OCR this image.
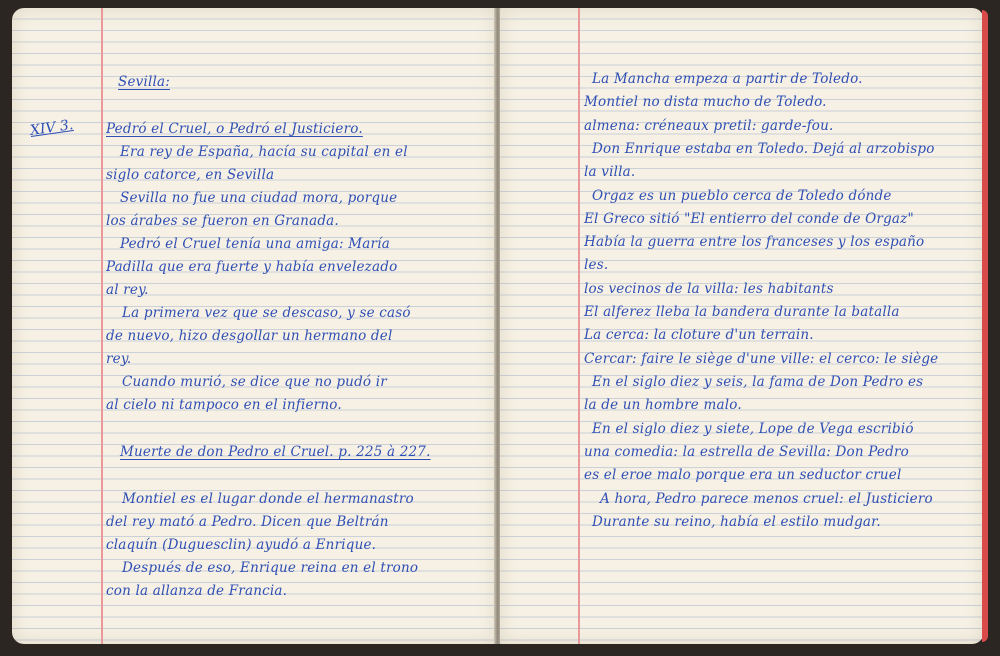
XIV 3.
Sevilla:
Pedró el Cruel, o Pedró el Justiciero.
Era rey de España, hacía su capital en el
siglo catorce, en Sevilla
Sevilla no fue una ciudad mora, porque
los árabes se fueron en Granada.
Pedró el Cruel tenía una amiga: María
Padilla que era fuerte y había envelezado
al rey.
La primera vez que se descaso, y se casó
de nuevo, hizo desgollar un hermano del
rey.
Cuando murió, se dice que no pudó ir
al cielo ni tampoco en el infierno.
Muerte de don Pedro el Cruel. p. 225 à 227.
Montiel es el lugar donde el hermanastro
del rey mató a Pedro. Dicen que Beltrán
claquín (Duguesclin) ayudó a Enrique.
Después de eso, Enrique reina en el trono
con la allanza de Francia.
La Mancha empeza a partir de Toledo.
Montiel no dista mucho de Toledo.
almena: créneaux pretil: garde-fou.
Don Enrique estaba en Toledo. Dejá al arzobispo
la villa.
Orgaz es un pueblo cerca de Toledo dónde
El Greco sitió "El entierro del conde de Orgaz"
Había la guerra entre los franceses y los españo
les.
los vecinos de la villa: les habitants
El alferez lleba la bandera durante la batalla
La cerca: la cloture d'un terrain.
Cercar: faire le siège d'une ville: el cerco: le siège
En el siglo diez y seis, la fama de Don Pedro es
la de un hombre malo.
En el siglo diez y siete, Lope de Vega escribió
una comedia: la estrella de Sevilla: Don Pedro
es el eroe malo porque era un seductor cruel
A hora, Pedro parece menos cruel: el Justiciero
Durante su reino, había el estilo mudgar.
